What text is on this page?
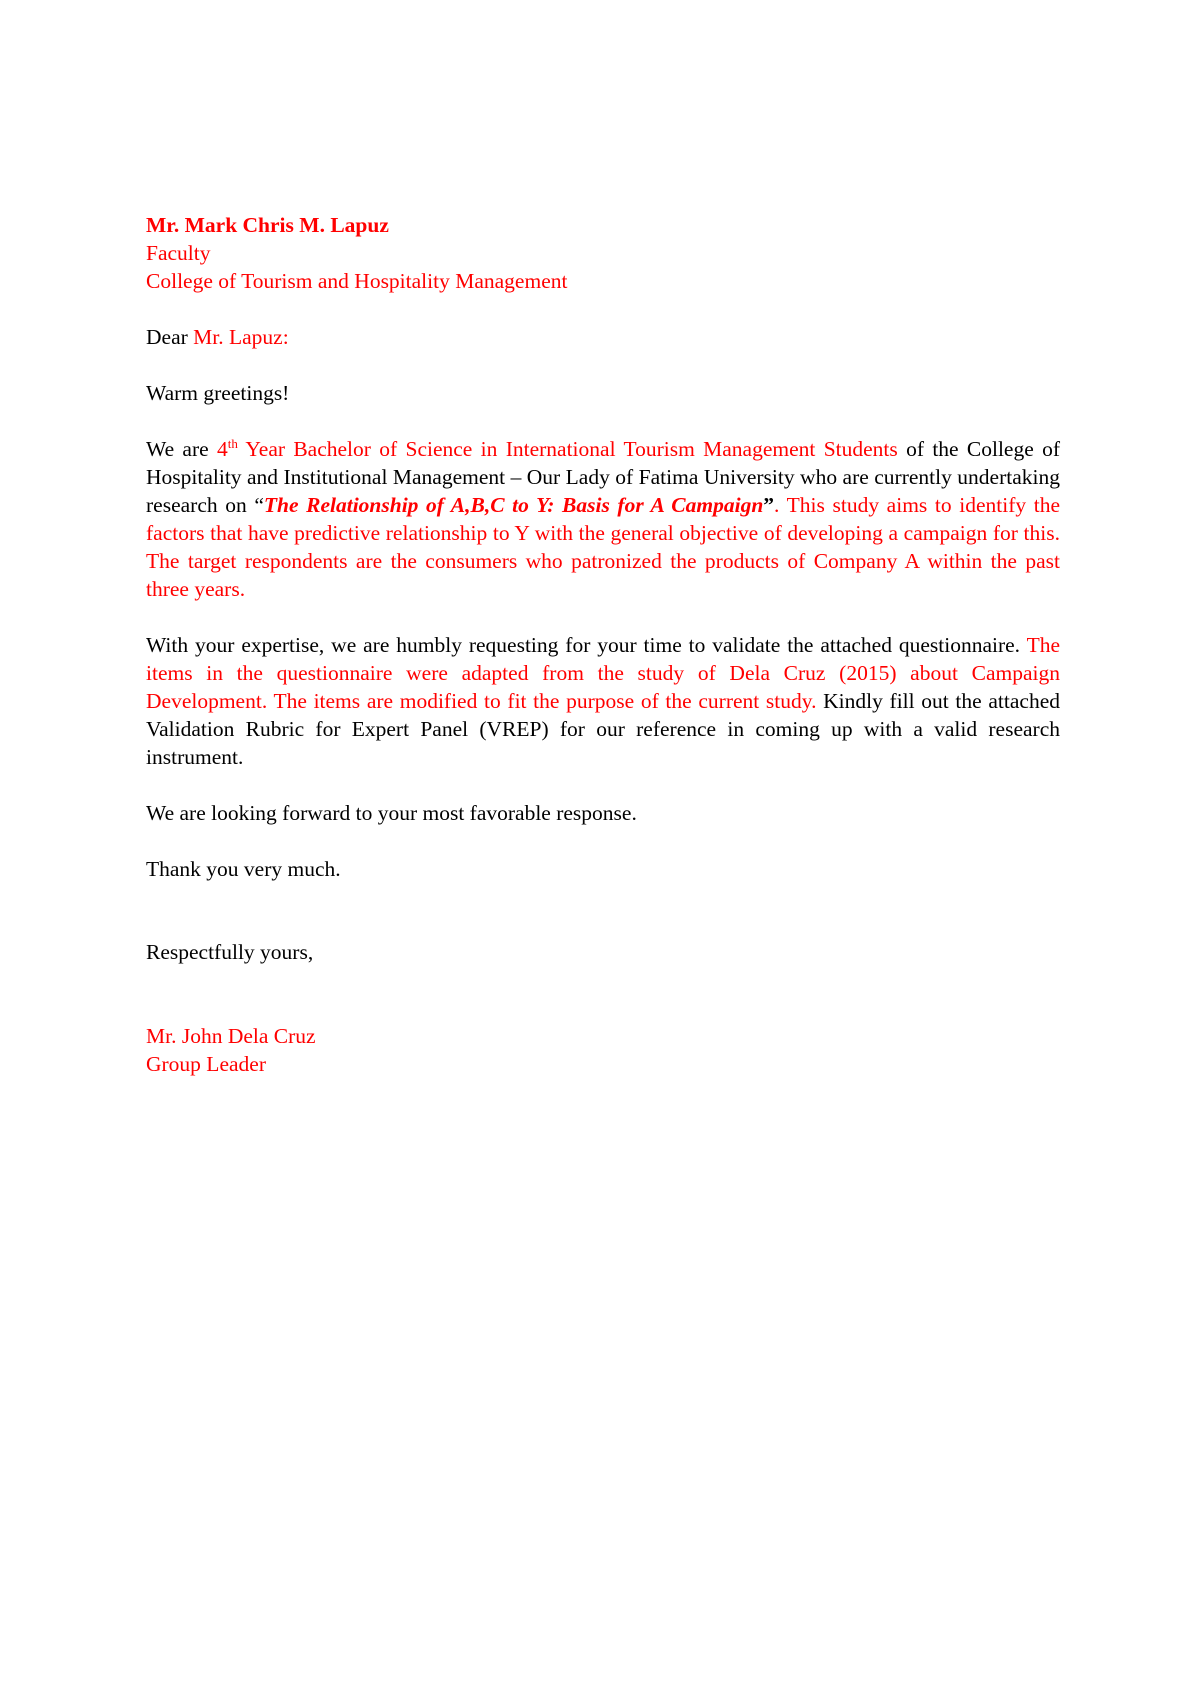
Mr. Mark Chris M. Lapuz
Faculty
College of Tourism and Hospitality Management

Dear Mr. Lapuz:

Warm greetings!

We are 4th Year Bachelor of Science in International Tourism Management Students of the College of Hospitality and Institutional Management – Our Lady of Fatima University who are currently undertaking research on “The Relationship of A,B,C to Y: Basis for A Campaign”. This study aims to identify the factors that have predictive relationship to Y with the general objective of developing a campaign for this. The target respondents are the consumers who patronized the products of Company A within the past three years.

With your expertise, we are humbly requesting for your time to validate the attached questionnaire. The items in the questionnaire were adapted from the study of Dela Cruz (2015) about Campaign Development. The items are modified to fit the purpose of the current study. Kindly fill out the attached Validation Rubric for Expert Panel (VREP) for our reference in coming up with a valid research instrument.

We are looking forward to your most favorable response.

Thank you very much.

Respectfully yours,

Mr. John Dela Cruz
Group Leader
